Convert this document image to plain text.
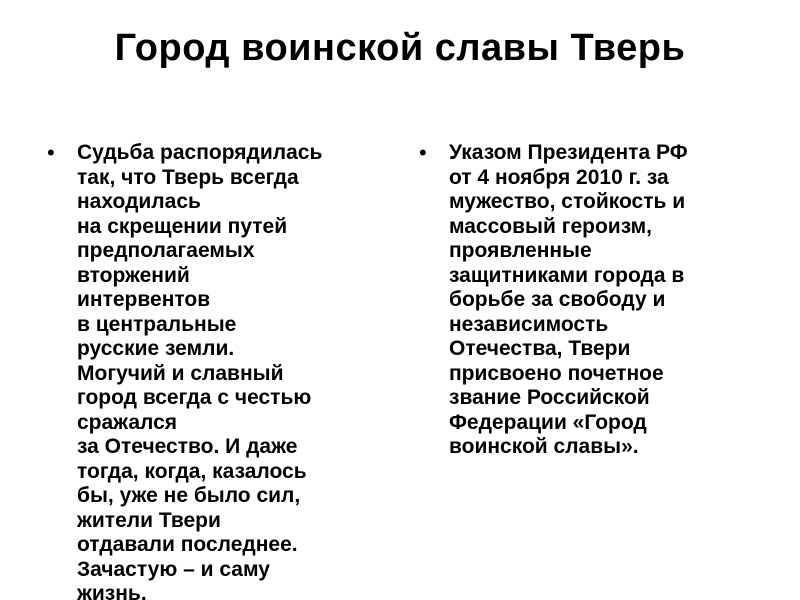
Город воинской славы Тверь
• Судьба распорядилась
так, что Тверь всегда
находилась
на скрещении путей
предполагаемых
вторжений
интервентов
в центральные
русские земли.
Могучий и славный
город всегда с честью
сражался
за Отечество. И даже
тогда, когда, казалось
бы, уже не было сил,
жители Твери
отдавали последнее.
Зачастую – и саму
жизнь.
• Указом Президента РФ
от 4 ноября 2010 г. за
мужество, стойкость и
массовый героизм,
проявленные
защитниками города в
борьбе за свободу и
независимость
Отечества, Твери
присвоено почетное
звание Российской
Федерации «Город
воинской славы».
